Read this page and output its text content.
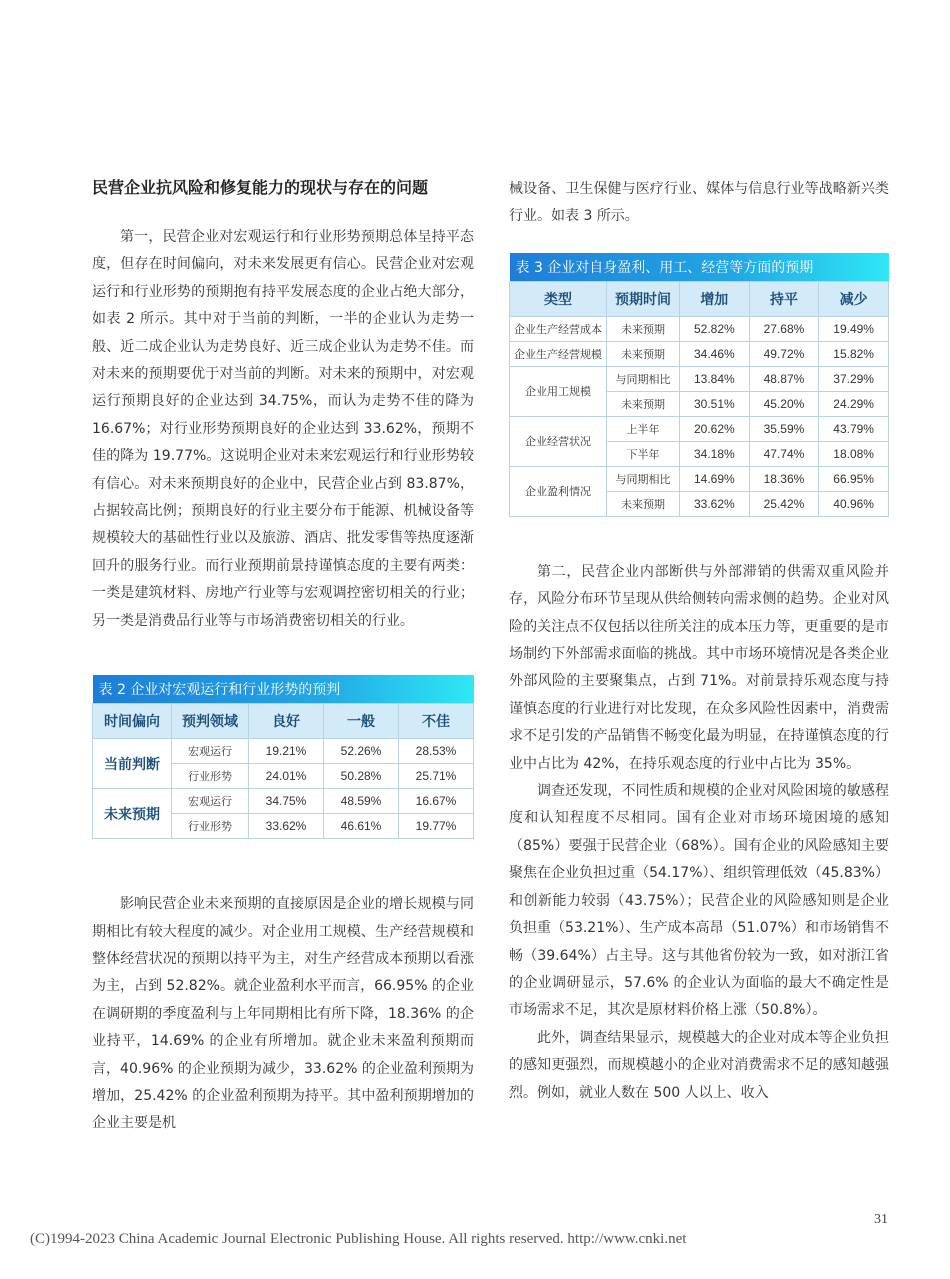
民营企业抗风险和修复能力的现状与存在的问题

第一，民营企业对宏观运行和行业形势预期总体呈持平态度，但存在时间偏向，对未来发展更有信心。民营企业对宏观运行和行业形势的预期抱有持平发展态度的企业占绝大部分，如表 2 所示。其中对于当前的判断，一半的企业认为走势一般、近二成企业认为走势良好、近三成企业认为走势不佳。而对未来的预期要优于对当前的判断。对未来的预期中，对宏观运行预期良好的企业达到 34.75%，而认为走势不佳的降为 16.67%；对行业形势预期良好的企业达到 33.62%，预期不佳的降为 19.77%。这说明企业对未来宏观运行和行业形势较有信心。对未来预期良好的企业中，民营企业占到 83.87%，占据较高比例；预期良好的行业主要分布于能源、机械设备等规模较大的基础性行业以及旅游、酒店、批发零售等热度逐渐回升的服务行业。而行业预期前景持谨慎态度的主要有两类：一类是建筑材料、房地产行业等与宏观调控密切相关的行业；另一类是消费品行业等与市场消费密切相关的行业。

表 2 企业对宏观运行和行业形势的预判				
时间偏向	预判领域	良好	一般	不佳
当前判断	宏观运行	19.21%	52.26%	28.53%
	行业形势	24.01%	50.28%	25.71%
未来预期	宏观运行	34.75%	48.59%	16.67%
	行业形势	33.62%	46.61%	19.77%

影响民营企业未来预期的直接原因是企业的增长规模与同期相比有较大程度的减少。对企业用工规模、生产经营规模和整体经营状况的预期以持平为主，对生产经营成本预期以看涨为主，占到 52.82%。就企业盈利水平而言，66.95% 的企业在调研期的季度盈利与上年同期相比有所下降，18.36% 的企业持平，14.69% 的企业有所增加。就企业未来盈利预期而言，40.96% 的企业预期为减少，33.62% 的企业盈利预期为增加，25.42% 的企业盈利预期为持平。其中盈利预期增加的企业主要是机

械设备、卫生保健与医疗行业、媒体与信息行业等战略新兴类行业。如表 3 所示。

表 3 企业对自身盈利、用工、经营等方面的预期				
类型	预期时间	增加	持平	减少
企业生产经营成本	未来预期	52.82%	27.68%	19.49%
企业生产经营规模	未来预期	34.46%	49.72%	15.82%
企业用工规模	与同期相比	13.84%	48.87%	37.29%
	未来预期	30.51%	45.20%	24.29%
企业经营状况	上半年	20.62%	35.59%	43.79%
	下半年	34.18%	47.74%	18.08%
企业盈利情况	与同期相比	14.69%	18.36%	66.95%
	未来预期	33.62%	25.42%	40.96%

第二，民营企业内部断供与外部滞销的供需双重风险并存，风险分布环节呈现从供给侧转向需求侧的趋势。企业对风险的关注点不仅包括以往所关注的成本压力等，更重要的是市场制约下外部需求面临的挑战。其中市场环境情况是各类企业外部风险的主要聚集点，占到 71%。对前景持乐观态度与持谨慎态度的行业进行对比发现，在众多风险性因素中，消费需求不足引发的产品销售不畅变化最为明显，在持谨慎态度的行业中占比为 42%，在持乐观态度的行业中占比为 35%。

调查还发现，不同性质和规模的企业对风险困境的敏感程度和认知程度不尽相同。国有企业对市场环境困境的感知（85%）要强于民营企业（68%）。国有企业的风险感知主要聚焦在企业负担过重（54.17%）、组织管理低效（45.83%）和创新能力较弱（43.75%）；民营企业的风险感知则是企业负担重（53.21%）、生产成本高昂（51.07%）和市场销售不畅（39.64%）占主导。这与其他省份较为一致，如对浙江省的企业调研显示，57.6% 的企业认为面临的最大不确定性是市场需求不足，其次是原材料价格上涨（50.8%）。

此外，调查结果显示，规模越大的企业对成本等企业负担的感知更强烈，而规模越小的企业对消费需求不足的感知越强烈。例如，就业人数在 500 人以上、收入

31
(C)1994-2023 China Academic Journal Electronic Publishing House. All rights reserved. http://www.cnki.net
